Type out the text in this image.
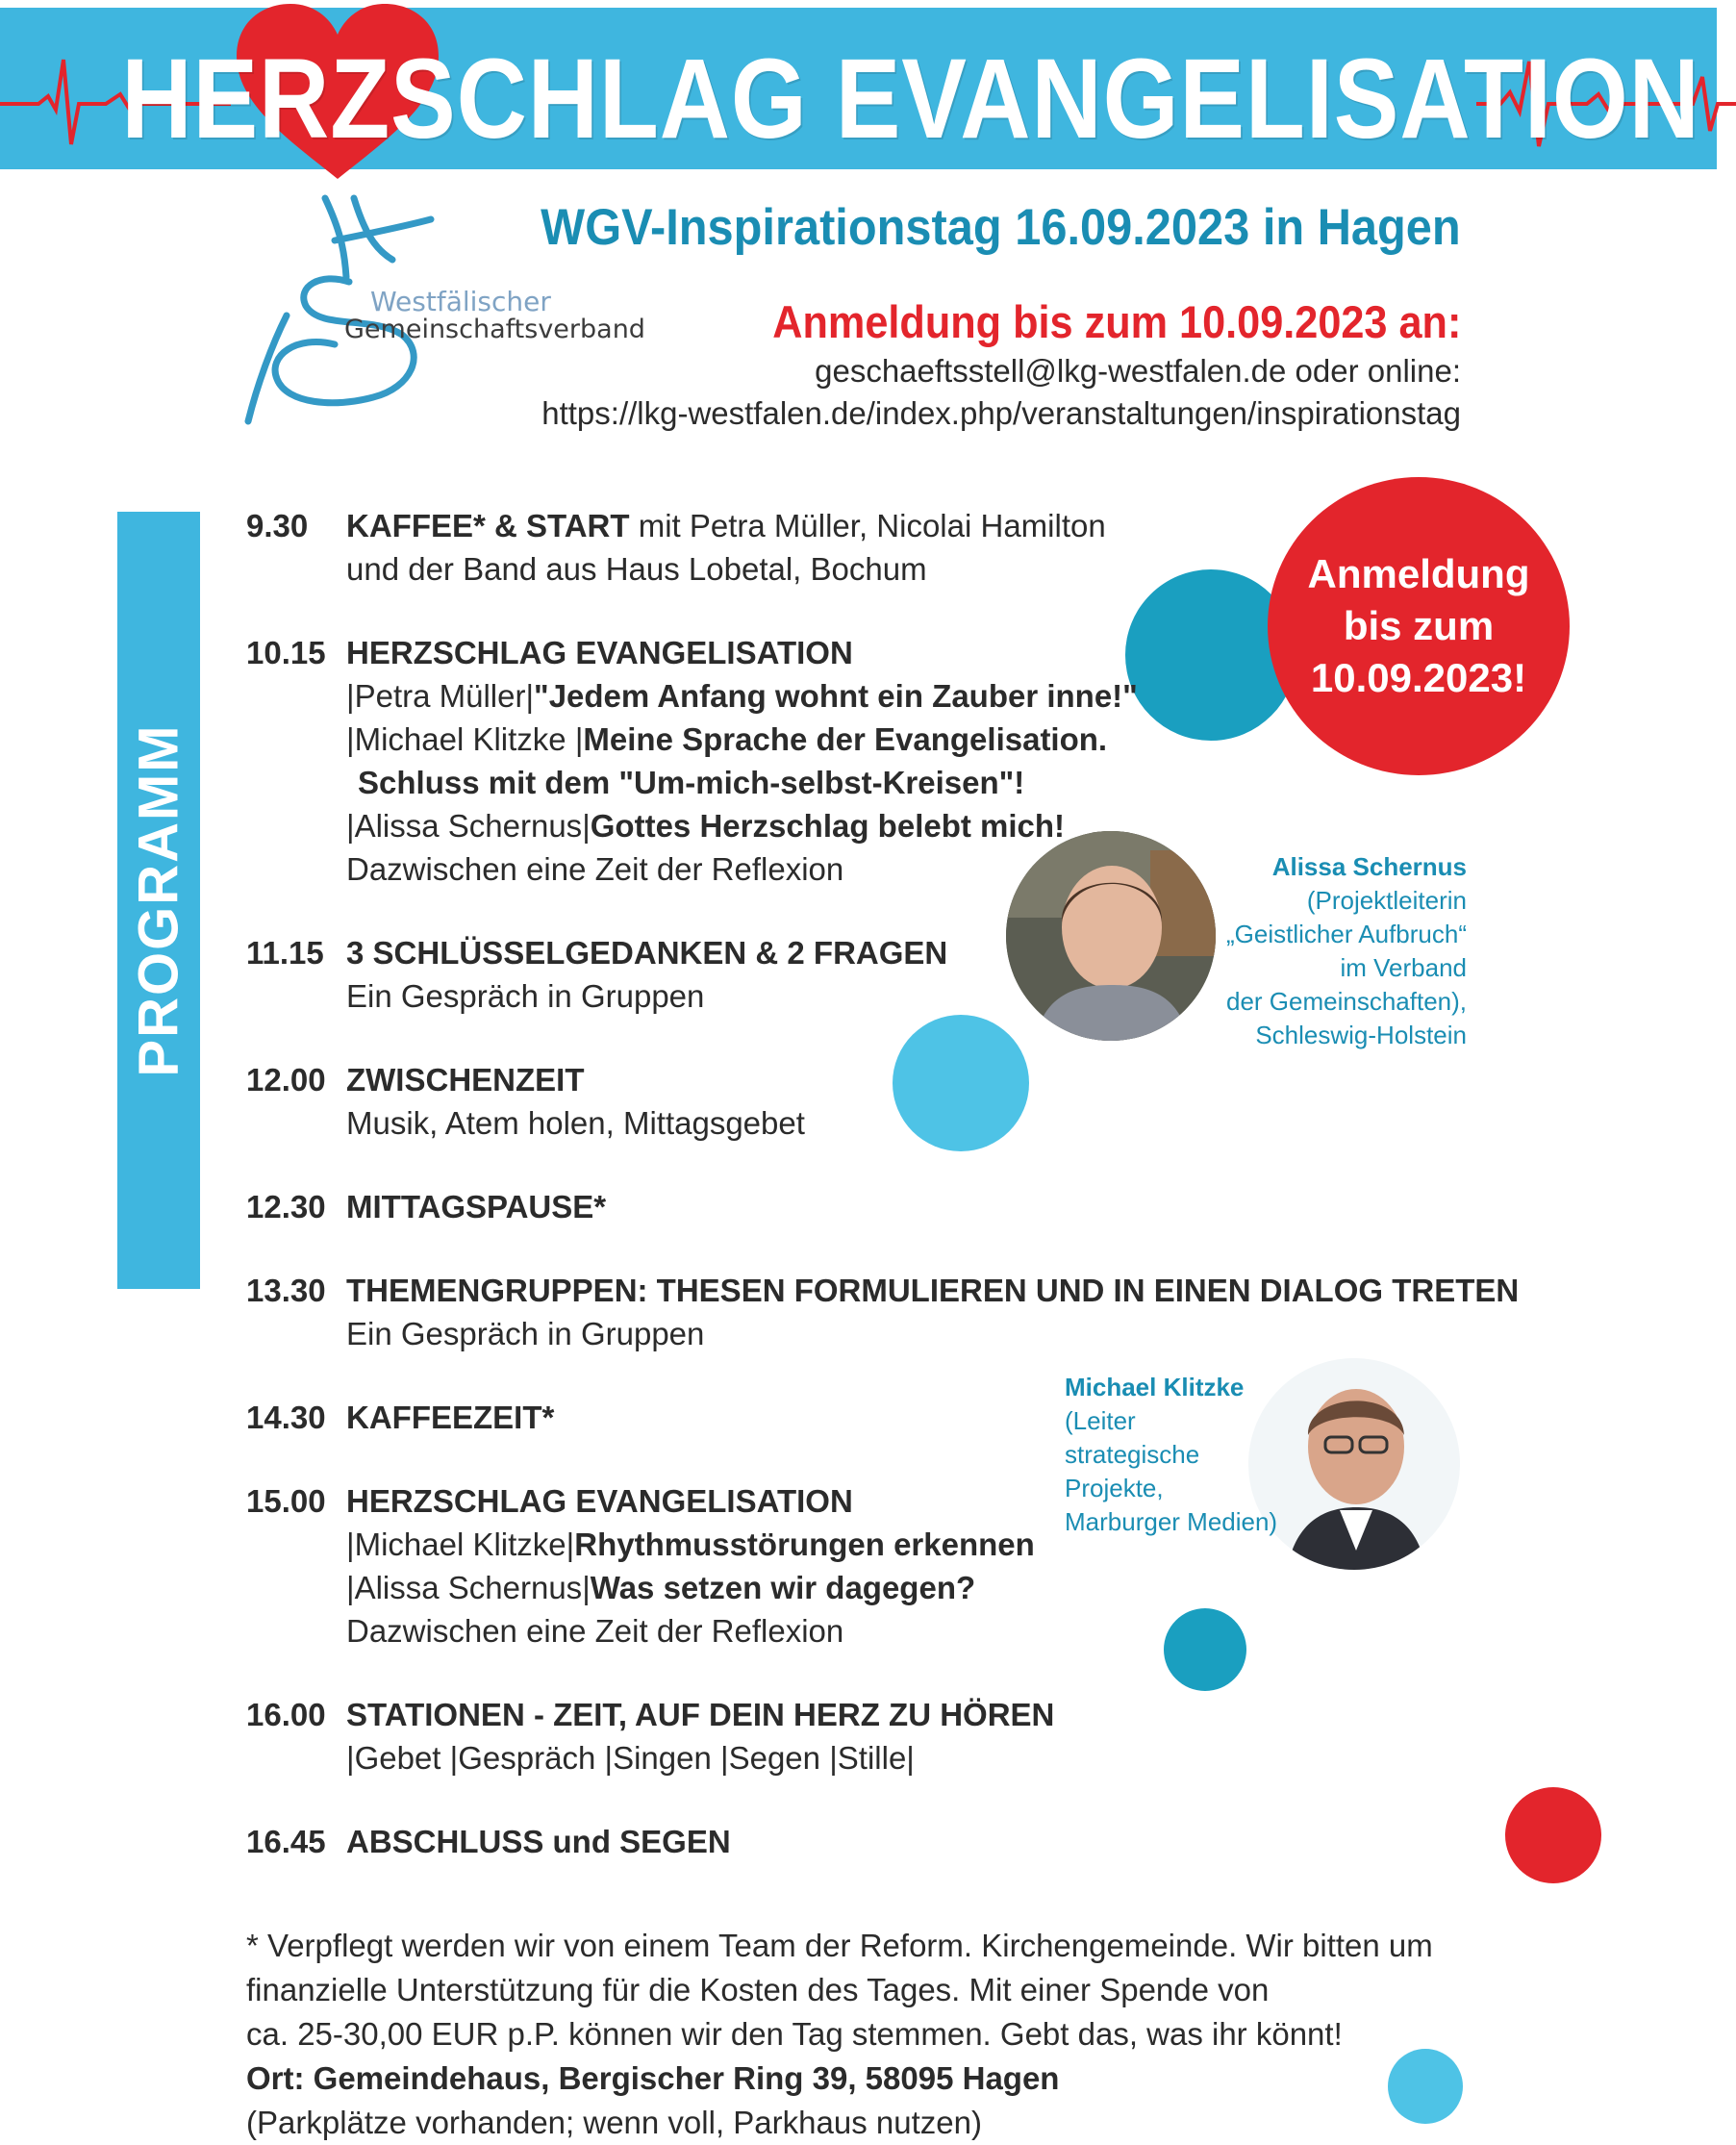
HERZSCHLAG EVANGELISATION
Westfälischer
Gemeinschaftsverband
WGV-Inspirationstag 16.09.2023 in Hagen
Anmeldung bis zum 10.09.2023 an:
geschaeftsstell@lkg-westfalen.de oder online:
https://lkg-westfalen.de/index.php/veranstaltungen/inspirationstag
PROGRAMM
Anmeldung
bis zum
10.09.2023!
Alissa Schernus
(Projektleiterin
„Geistlicher Aufbruch“
im Verband
der Gemeinschaften),
Schleswig-Holstein
Michael Klitzke
(Leiter
strategische
Projekte,
Marburger Medien)
9.30 KAFFEE* & START mit Petra Müller, Nicolai Hamilton
und der Band aus Haus Lobetal, Bochum
10.15 HERZSCHLAG EVANGELISATION
|Petra Müller|"Jedem Anfang wohnt ein Zauber inne!"
|Michael Klitzke |Meine Sprache der Evangelisation.
Schluss mit dem "Um-mich-selbst-Kreisen"!
|Alissa Schernus|Gottes Herzschlag belebt mich!
Dazwischen eine Zeit der Reflexion
11.15 3 SCHLÜSSELGEDANKEN & 2 FRAGEN
Ein Gespräch in Gruppen
12.00 ZWISCHENZEIT
Musik, Atem holen, Mittagsgebet
12.30 MITTAGSPAUSE*
13.30 THEMENGRUPPEN: THESEN FORMULIEREN UND IN EINEN DIALOG TRETEN
Ein Gespräch in Gruppen
14.30 KAFFEEZEIT*
15.00 HERZSCHLAG EVANGELISATION
|Michael Klitzke|Rhythmusstörungen erkennen
|Alissa Schernus|Was setzen wir dagegen?
Dazwischen eine Zeit der Reflexion
16.00 STATIONEN - ZEIT, AUF DEIN HERZ ZU HÖREN
|Gebet |Gespräch |Singen |Segen |Stille|
16.45 ABSCHLUSS und SEGEN
* Verpflegt werden wir von einem Team der Reform. Kirchengemeinde. Wir bitten um
finanzielle Unterstützung für die Kosten des Tages. Mit einer Spende von
ca. 25-30,00 EUR p.P. können wir den Tag stemmen. Gebt das, was ihr könnt!
Ort: Gemeindehaus, Bergischer Ring 39, 58095 Hagen
(Parkplätze vorhanden; wenn voll, Parkhaus nutzen)
